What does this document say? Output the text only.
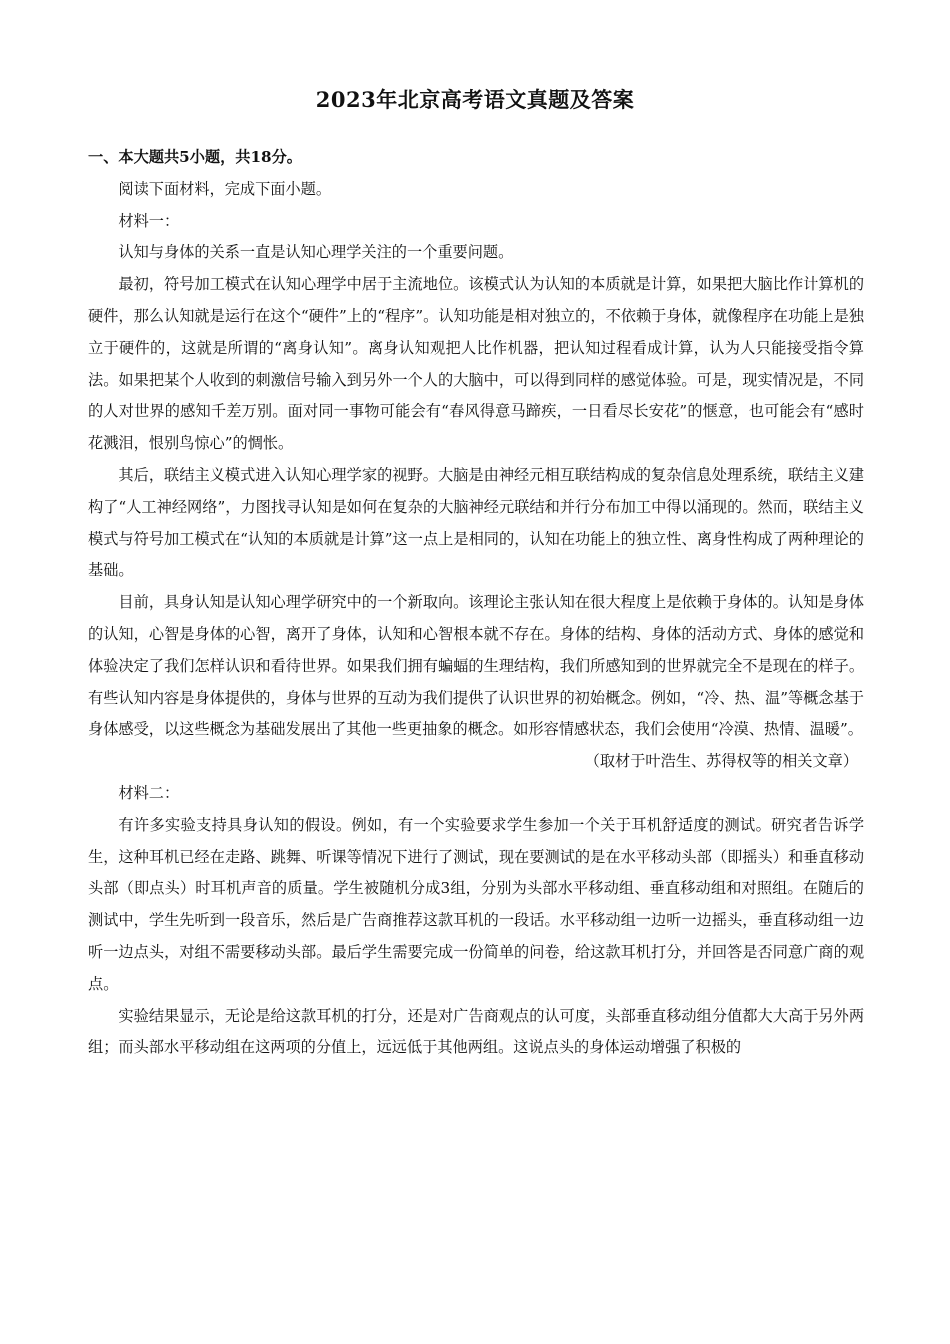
2023年北京高考语文真题及答案

一、本大题共5小题，共18分。

阅读下面材料，完成下面小题。

材料一：

认知与身体的关系一直是认知心理学关注的一个重要问题。

最初，符号加工模式在认知心理学中居于主流地位。该模式认为认知的本质就是计算，如果把大脑比作计算机的硬件，那么认知就是运行在这个“硬件”上的“程序”。认知功能是相对独立的，不依赖于身体，就像程序在功能上是独立于硬件的，这就是所谓的“离身认知”。离身认知观把人比作机器，把认知过程看成计算，认为人只能接受指令算法。如果把某个人收到的刺激信号输入到另外一个人的大脑中，可以得到同样的感觉体验。可是，现实情况是，不同的人对世界的感知千差万别。面对同一事物可能会有“春风得意马蹄疾，一日看尽长安花”的惬意，也可能会有“感时花溅泪，恨别鸟惊心”的惆怅。

其后，联结主义模式进入认知心理学家的视野。大脑是由神经元相互联结构成的复杂信息处理系统，联结主义建构了“人工神经网络”，力图找寻认知是如何在复杂的大脑神经元联结和并行分布加工中得以涌现的。然而，联结主义模式与符号加工模式在“认知的本质就是计算”这一点上是相同的，认知在功能上的独立性、离身性构成了两种理论的基础。

目前，具身认知是认知心理学研究中的一个新取向。该理论主张认知在很大程度上是依赖于身体的。认知是身体的认知，心智是身体的心智，离开了身体，认知和心智根本就不存在。身体的结构、身体的活动方式、身体的感觉和体验决定了我们怎样认识和看待世界。如果我们拥有蝙蝠的生理结构，我们所感知到的世界就完全不是现在的样子。有些认知内容是身体提供的，身体与世界的互动为我们提供了认识世界的初始概念。例如，“冷、热、温”等概念基于身体感受，以这些概念为基础发展出了其他一些更抽象的概念。如形容情感状态，我们会使用“冷漠、热情、温暖”。

（取材于叶浩生、苏得权等的相关文章）

材料二：

有许多实验支持具身认知的假设。例如，有一个实验要求学生参加一个关于耳机舒适度的测试。研究者告诉学生，这种耳机已经在走路、跳舞、听课等情况下进行了测试，现在要测试的是在水平移动头部（即摇头）和垂直移动头部（即点头）时耳机声音的质量。学生被随机分成3组，分别为头部水平移动组、垂直移动组和对照组。在随后的测试中，学生先听到一段音乐，然后是广告商推荐这款耳机的一段话。水平移动组一边听一边摇头，垂直移动组一边听一边点头，对组不需要移动头部。最后学生需要完成一份简单的问卷，给这款耳机打分，并回答是否同意广商的观点。

实验结果显示，无论是给这款耳机的打分，还是对广告商观点的认可度，头部垂直移动组分值都大大高于另外两组；而头部水平移动组在这两项的分值上，远远低于其他两组。这说点头的身体运动增强了积极的
